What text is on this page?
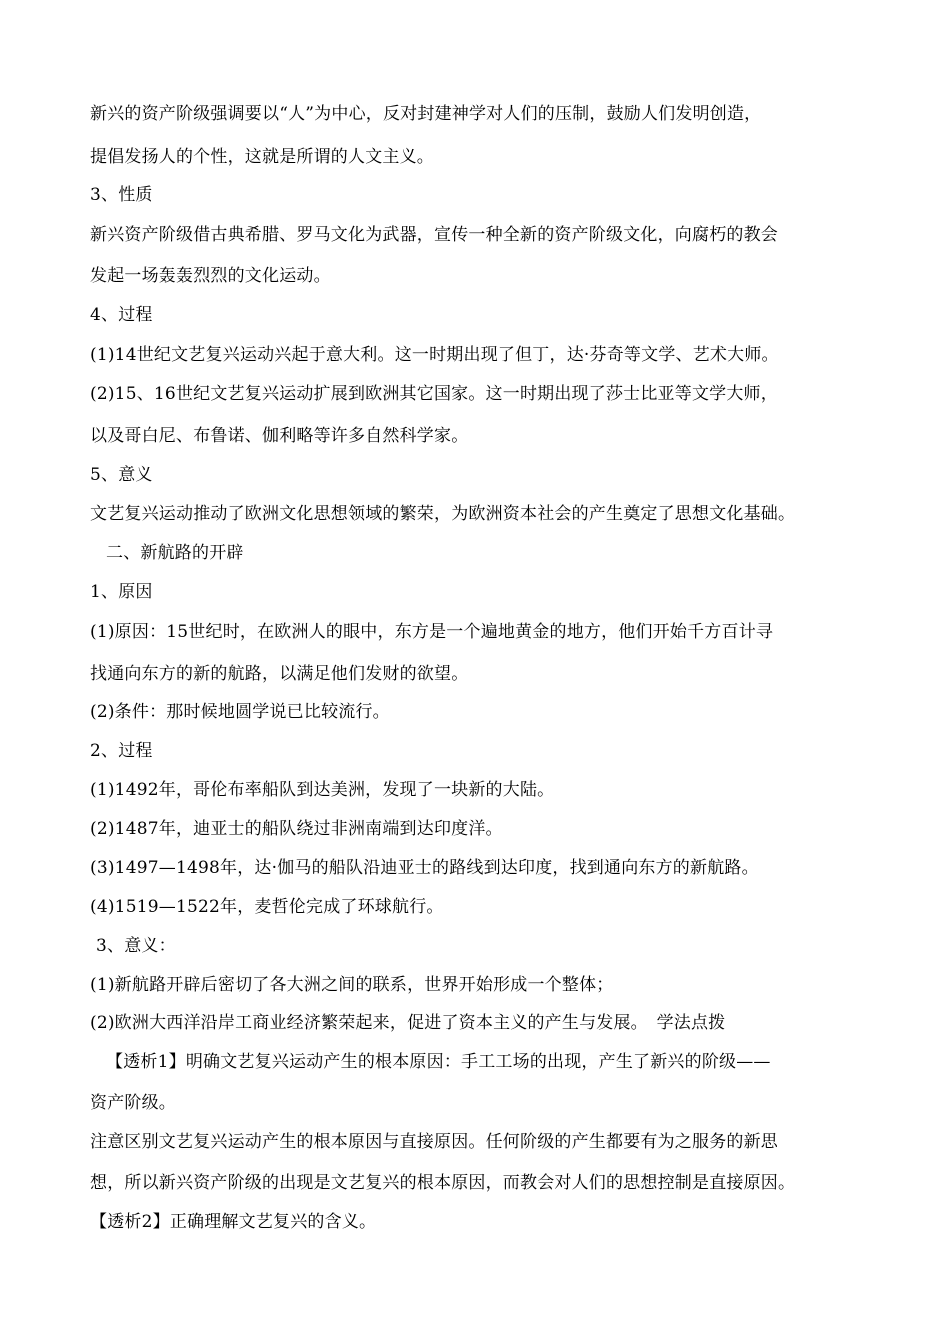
新兴的资产阶级强调要以“人”为中心，反对封建神学对人们的压制，鼓励人们发明创造，
提倡发扬人的个性，这就是所谓的人文主义。
3、性质
新兴资产阶级借古典希腊、罗马文化为武器，宣传一种全新的资产阶级文化，向腐朽的教会
发起一场轰轰烈烈的文化运动。
4、过程
(1)14世纪文艺复兴运动兴起于意大利。这一时期出现了但丁，达·芬奇等文学、艺术大师。
(2)15、16世纪文艺复兴运动扩展到欧洲其它国家。这一时期出现了莎士比亚等文学大师，
以及哥白尼、布鲁诺、伽利略等许多自然科学家。
5、意义
文艺复兴运动推动了欧洲文化思想领域的繁荣，为欧洲资本社会的产生奠定了思想文化基础。
二、新航路的开辟
1、原因
(1)原因：15世纪时，在欧洲人的眼中，东方是一个遍地黄金的地方，他们开始千方百计寻
找通向东方的新的航路，以满足他们发财的欲望。
(2)条件：那时候地圆学说已比较流行。
2、过程
(1)1492年，哥伦布率船队到达美洲，发现了一块新的大陆。
(2)1487年，迪亚士的船队绕过非洲南端到达印度洋。
(3)1497—1498年，达·伽马的船队沿迪亚士的路线到达印度，找到通向东方的新航路。
(4)1519—1522年，麦哲伦完成了环球航行。
3、意义：
(1)新航路开辟后密切了各大洲之间的联系，世界开始形成一个整体；
(2)欧洲大西洋沿岸工商业经济繁荣起来，促进了资本主义的产生与发展。　学法点拨
【透析1】明确文艺复兴运动产生的根本原因：手工工场的出现，产生了新兴的阶级——
资产阶级。
注意区别文艺复兴运动产生的根本原因与直接原因。任何阶级的产生都要有为之服务的新思
想，所以新兴资产阶级的出现是文艺复兴的根本原因，而教会对人们的思想控制是直接原因。
【透析2】正确理解文艺复兴的含义。
